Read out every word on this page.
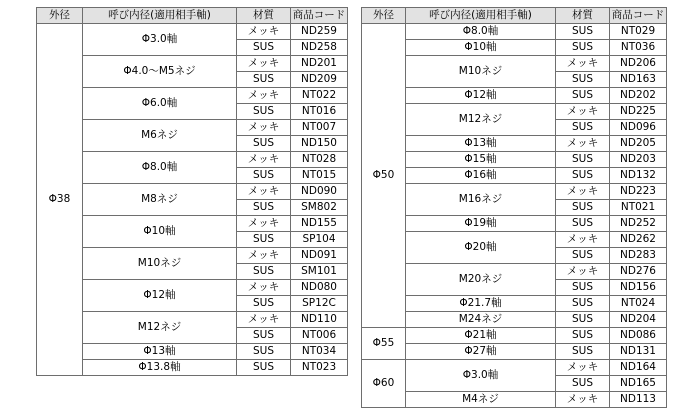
外径	呼び内径(適用相手軸)	材質	商品コード
Φ38	Φ3.0軸	メッキ	ND259
		SUS	ND258
	Φ4.0～M5ネジ	メッキ	ND201
		SUS	ND209
	Φ6.0軸	メッキ	NT022
		SUS	NT016
	M6ネジ	メッキ	NT007
		SUS	ND150
	Φ8.0軸	メッキ	NT028
		SUS	NT015
	M8ネジ	メッキ	ND090
		SUS	SM802
	Φ10軸	メッキ	ND155
		SUS	SP104
	M10ネジ	メッキ	ND091
		SUS	SM101
	Φ12軸	メッキ	ND080
		SUS	SP12C
	M12ネジ	メッキ	ND110
		SUS	NT006
	Φ13軸	SUS	NT034
	Φ13.8軸	SUS	NT023
外径	呼び内径(適用相手軸)	材質	商品コード
Φ50	Φ8.0軸	SUS	NT029
	Φ10軸	SUS	NT036
	M10ネジ	メッキ	ND206
		SUS	ND163
	Φ12軸	SUS	ND202
	M12ネジ	メッキ	ND225
		SUS	ND096
	Φ13軸	メッキ	ND205
	Φ15軸	SUS	ND203
	Φ16軸	SUS	ND132
	M16ネジ	メッキ	ND223
		SUS	NT021
	Φ19軸	SUS	ND252
	Φ20軸	メッキ	ND262
		SUS	ND283
	M20ネジ	メッキ	ND276
		SUS	ND156
	Φ21.7軸	SUS	NT024
	M24ネジ	SUS	ND204
Φ55	Φ21軸	SUS	ND086
	Φ27軸	SUS	ND131
Φ60	Φ3.0軸	メッキ	ND164
		SUS	ND165
	M4ネジ	メッキ	ND113
